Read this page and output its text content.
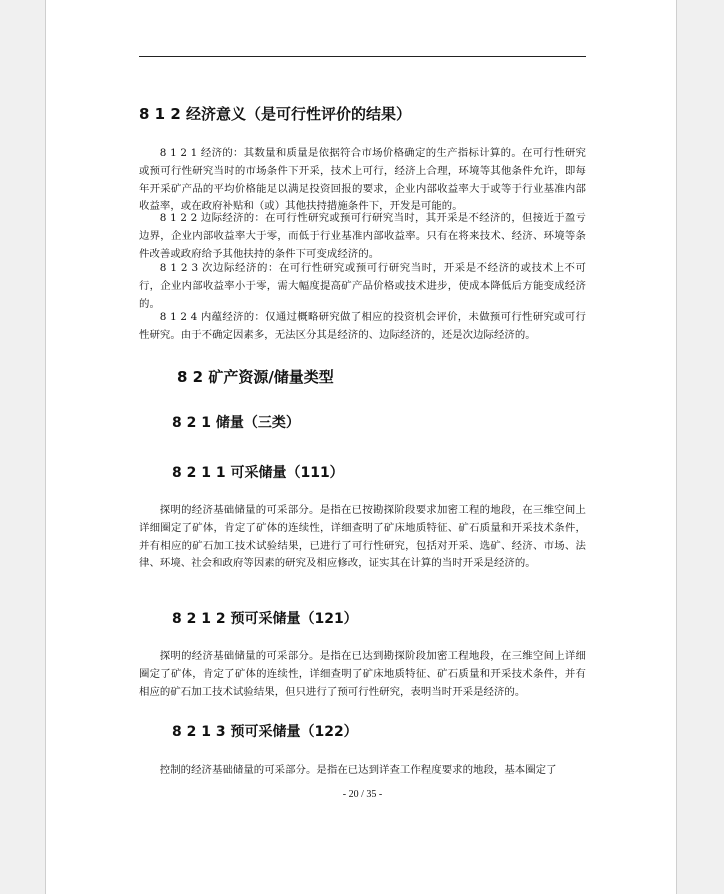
8 1 2 经济意义（是可行性评价的结果）
8 1 2 1 经济的：其数量和质量是依据符合市场价格确定的生产指标计算的。在可行性研究或预可行性研究当时的市场条件下开采，技术上可行，经济上合理，环境等其他条件允许，即每年开采矿产品的平均价格能足以满足投资回报的要求，企业内部收益率大于或等于行业基准内部收益率，或在政府补贴和（或）其他扶持措施条件下，开发是可能的。
8 1 2 2 边际经济的：在可行性研究或预可行研究当时，其开采是不经济的，但接近于盈亏边界，企业内部收益率大于零，而低于行业基准内部收益率。只有在将来技术、经济、环境等条件改善或政府给予其他扶持的条件下可变成经济的。
8 1 2 3 次边际经济的：在可行性研究或预可行研究当时，开采是不经济的或技术上不可行，企业内部收益率小于零，需大幅度提高矿产品价格或技术进步，使成本降低后方能变成经济的。
8 1 2 4 内蕴经济的：仅通过概略研究做了相应的投资机会评价，未做预可行性研究或可行性研究。由于不确定因素多，无法区分其是经济的、边际经济的，还是次边际经济的。
8 2 矿产资源/储量类型
8 2 1 储量（三类）
8 2 1 1 可采储量（111）
探明的经济基础储量的可采部分。是指在已按勘探阶段要求加密工程的地段，在三维空间上详细圈定了矿体，肯定了矿体的连续性，详细查明了矿床地质特征、矿石质量和开采技术条件，并有相应的矿石加工技术试验结果，已进行了可行性研究，包括对开采、选矿、经济、市场、法律、环境、社会和政府等因素的研究及相应修改，证实其在计算的当时开采是经济的。
8 2 1 2 预可采储量（121）
探明的经济基础储量的可采部分。是指在已达到勘探阶段加密工程地段，在三维空间上详细圈定了矿体，肯定了矿体的连续性，详细查明了矿床地质特征、矿石质量和开采技术条件，并有相应的矿石加工技术试验结果，但只进行了预可行性研究，表明当时开采是经济的。
8 2 1 3 预可采储量（122）
控制的经济基础储量的可采部分。是指在已达到详查工作程度要求的地段，基本圈定了
- 20 / 35 -
